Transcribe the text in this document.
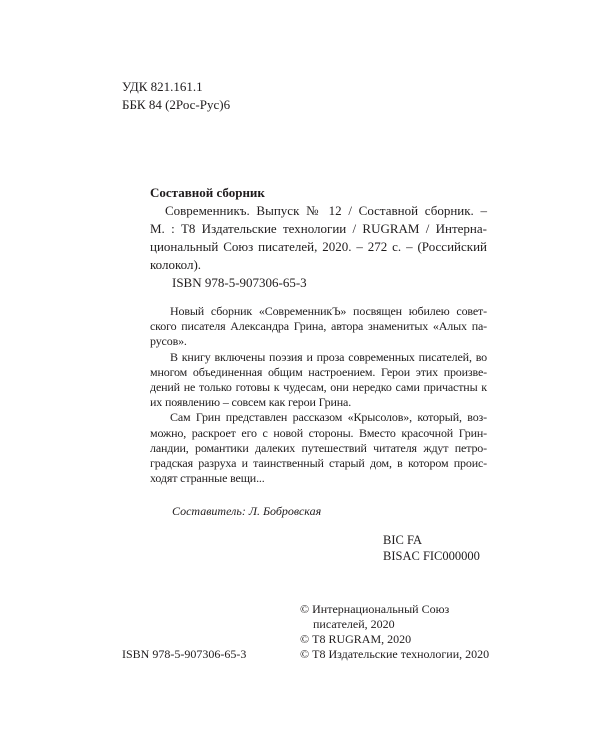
УДК 821.161.1
ББК 84 (2Рос-Рус)6
Составной сборник
Современникъ. Выпуск № 12 / Составной сборник. –
М. : Т8 Издательские технологии / RUGRAM / Интерна-
циональный Союз писателей, 2020. – 272 с. – (Российский
колокол).
ISBN 978-5-907306-65-3
Новый сборник «СовременникЪ» посвящен юбилею совет-
ского писателя Александра Грина, автора знаменитых «Алых па-
русов».
В книгу включены поэзия и проза современных писателей, во
многом объединенная общим настроением. Герои этих произве-
дений не только готовы к чудесам, они нередко сами причастны к
их появлению – совсем как герои Грина.
Сам Грин представлен рассказом «Крысолов», который, воз-
можно, раскроет его с новой стороны. Вместо красочной Грин-
ландии, романтики далеких путешествий читателя ждут петро-
градская разруха и таинственный старый дом, в котором проис-
ходят странные вещи...
Составитель: Л. Бобровская
BIC FA
BISAC FIC000000
© Интернациональный Союз
писателей, 2020
© Т8 RUGRAM, 2020
© Т8 Издательские технологии, 2020
ISBN 978-5-907306-65-3
